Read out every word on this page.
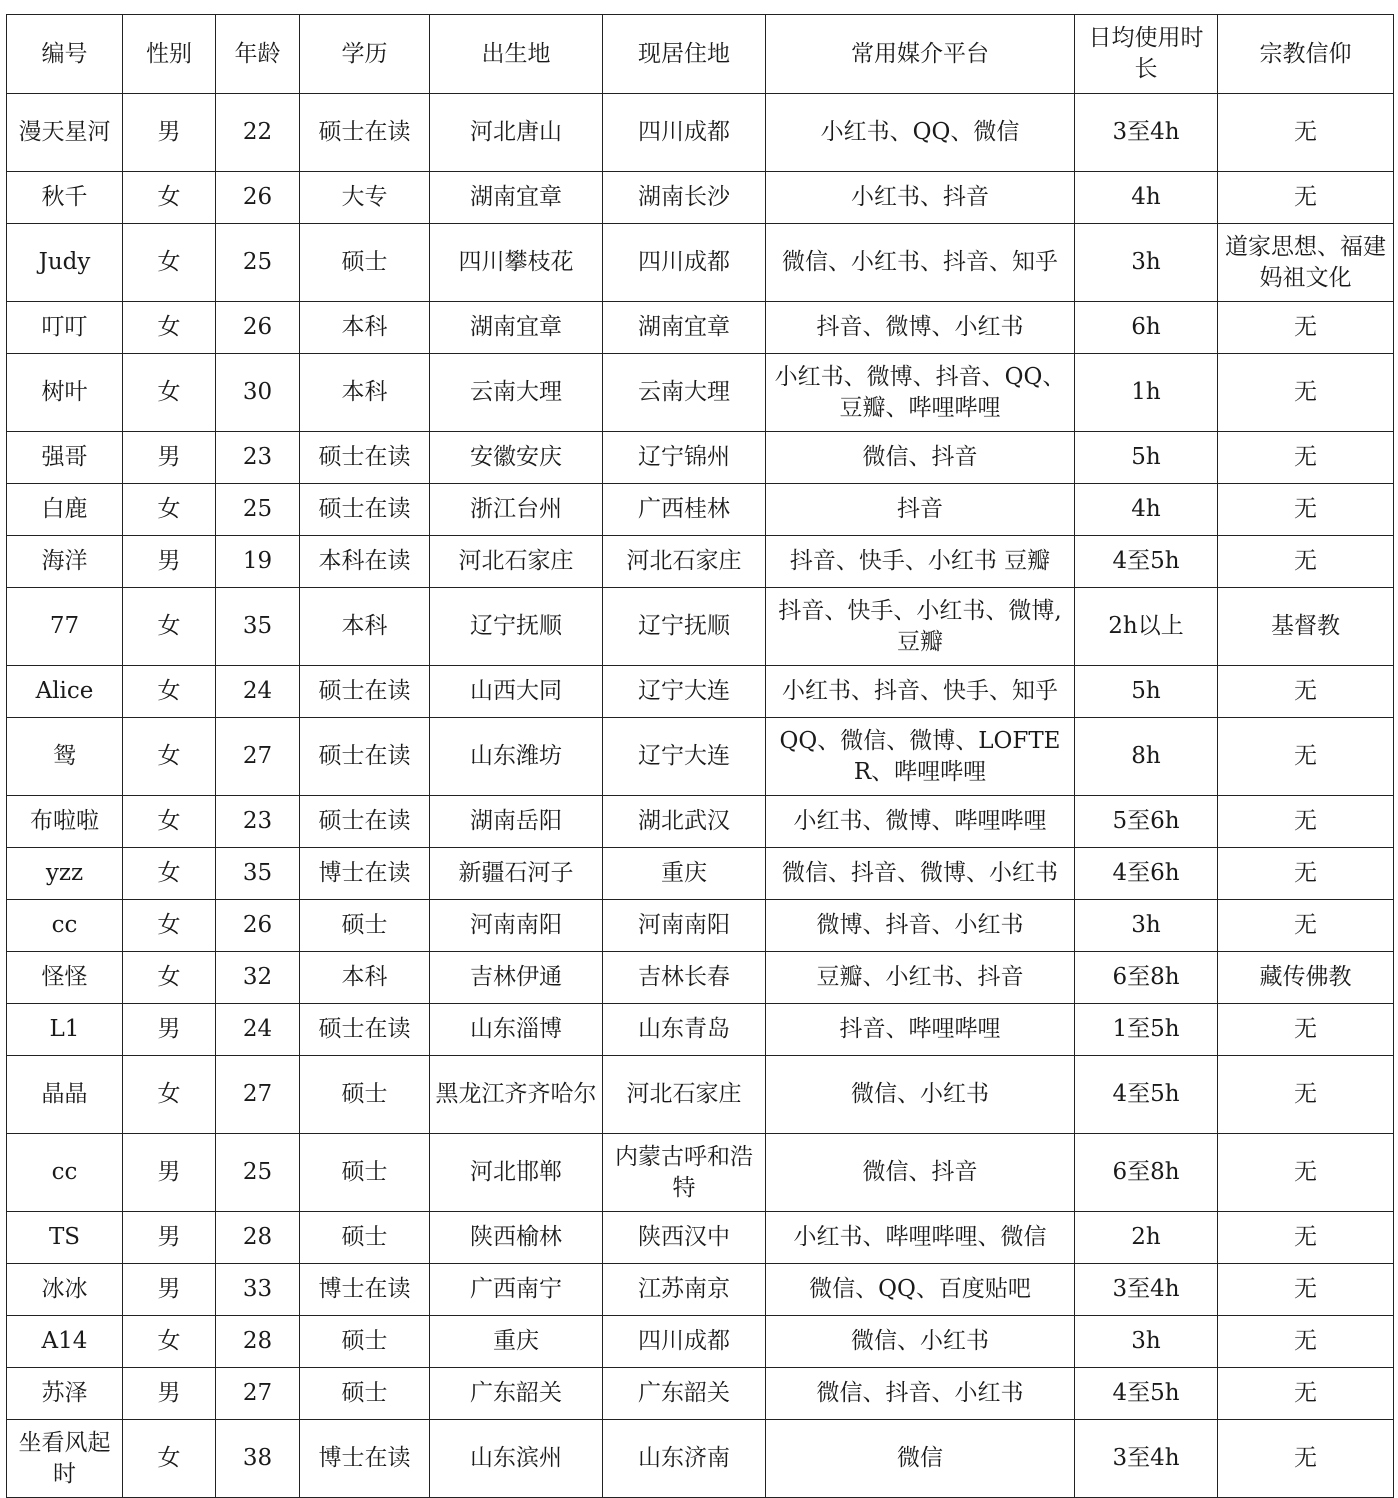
编号	性别	年龄	学历	出生地	现居住地	常用媒介平台	日均使用时长	宗教信仰
漫天星河	男	22	硕士在读	河北唐山	四川成都	小红书、QQ、微信	3至4h	无
秋千	女	26	大专	湖南宜章	湖南长沙	小红书、抖音	4h	无
Judy	女	25	硕士	四川攀枝花	四川成都	微信、小红书、抖音、知乎	3h	道家思想、福建妈祖文化
叮叮	女	26	本科	湖南宜章	湖南宜章	抖音、微博、小红书	6h	无
树叶	女	30	本科	云南大理	云南大理	小红书、微博、抖音、QQ、豆瓣、哔哩哔哩	1h	无
强哥	男	23	硕士在读	安徽安庆	辽宁锦州	微信、抖音	5h	无
白鹿	女	25	硕士在读	浙江台州	广西桂林	抖音	4h	无
海洋	男	19	本科在读	河北石家庄	河北石家庄	抖音、快手、小红书 豆瓣	4至5h	无
77	女	35	本科	辽宁抚顺	辽宁抚顺	抖音、快手、小红书、微博,豆瓣	2h以上	基督教
Alice	女	24	硕士在读	山西大同	辽宁大连	小红书、抖音、快手、知乎	5h	无
鸳	女	27	硕士在读	山东潍坊	辽宁大连	QQ、微信、微博、LOFTER、哔哩哔哩	8h	无
布啦啦	女	23	硕士在读	湖南岳阳	湖北武汉	小红书、微博、哔哩哔哩	5至6h	无
yzz	女	35	博士在读	新疆石河子	重庆	微信、抖音、微博、小红书	4至6h	无
cc	女	26	硕士	河南南阳	河南南阳	微博、抖音、小红书	3h	无
怪怪	女	32	本科	吉林伊通	吉林长春	豆瓣、小红书、抖音	6至8h	藏传佛教
L1	男	24	硕士在读	山东淄博	山东青岛	抖音、哔哩哔哩	1至5h	无
晶晶	女	27	硕士	黑龙江齐齐哈尔	河北石家庄	微信、小红书	4至5h	无
cc	男	25	硕士	河北邯郸	内蒙古呼和浩特	微信、抖音	6至8h	无
TS	男	28	硕士	陕西榆林	陕西汉中	小红书、哔哩哔哩、微信	2h	无
冰冰	男	33	博士在读	广西南宁	江苏南京	微信、QQ、百度贴吧	3至4h	无
A14	女	28	硕士	重庆	四川成都	微信、小红书	3h	无
苏泽	男	27	硕士	广东韶关	广东韶关	微信、抖音、小红书	4至5h	无
坐看风起时	女	38	博士在读	山东滨州	山东济南	微信	3至4h	无
